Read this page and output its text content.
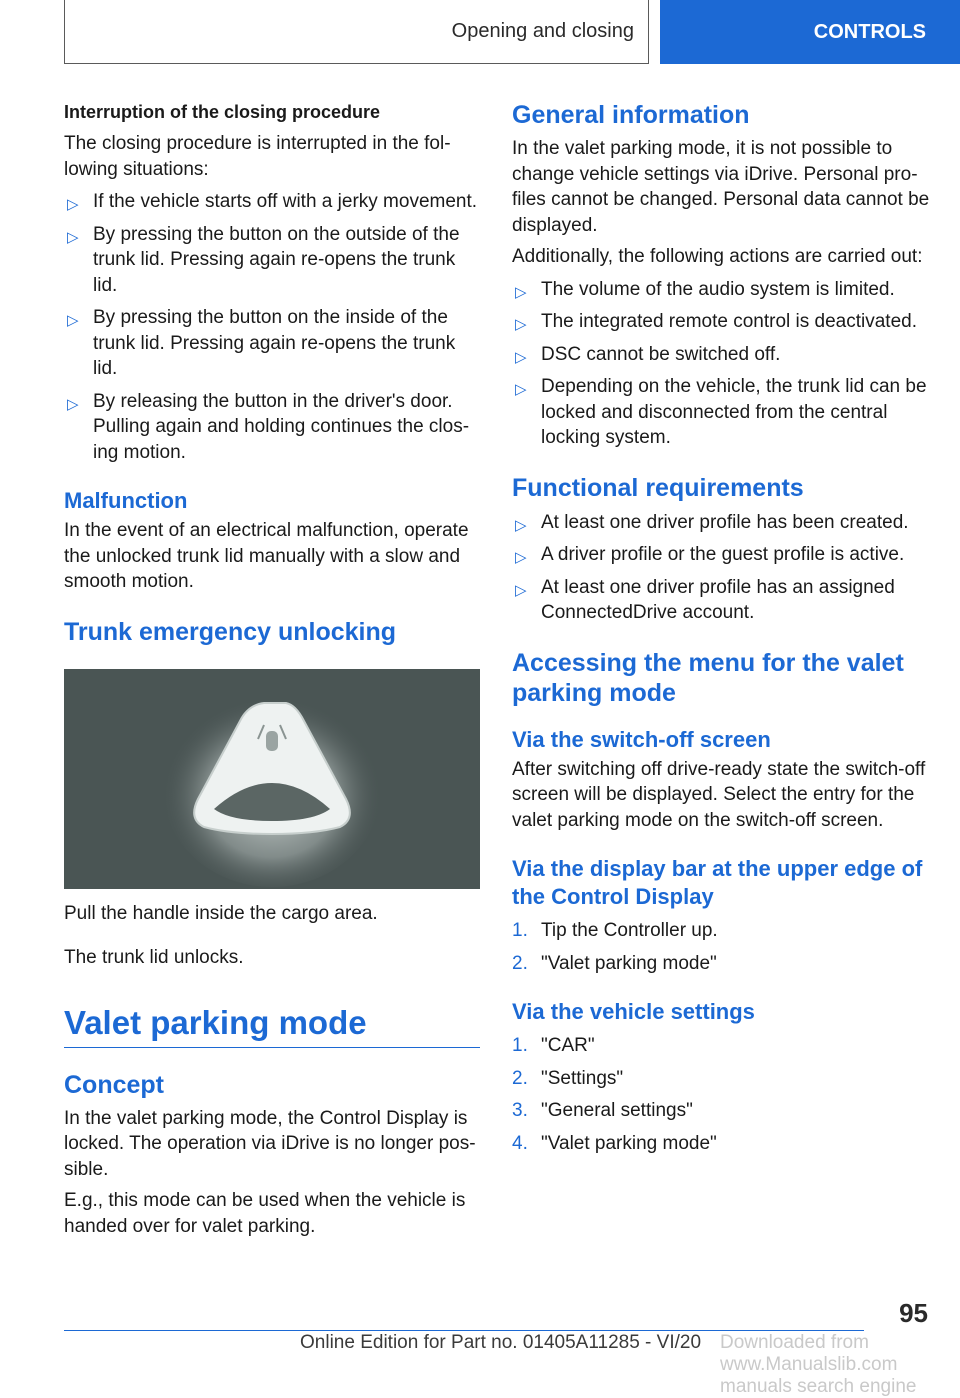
Opening and closing	CONTROLS

Interruption of the closing procedure

The closing procedure is interrupted in the fol‐lowing situations:

▷ If the vehicle starts off with a jerky movement.
▷ By pressing the button on the outside of the trunk lid. Pressing again re-opens the trunk lid.
▷ By pressing the button on the inside of the trunk lid. Pressing again re-opens the trunk lid.
▷ By releasing the button in the driver's door. Pulling again and holding continues the clos‐ing motion.
Malfunction

In the event of an electrical malfunction, operate the unlocked trunk lid manually with a slow and smooth motion.

Trunk emergency unlocking

Pull the handle inside the cargo area.

The trunk lid unlocks.

Valet parking mode
Concept

In the valet parking mode, the Control Display is locked. The operation via iDrive is no longer pos‐sible.

E.g., this mode can be used when the vehicle is handed over for valet parking.

General information

In the valet parking mode, it is not possible to change vehicle settings via iDrive. Personal pro‐files cannot be changed. Personal data cannot be displayed.

Additionally, the following actions are carried out:

▷ The volume of the audio system is limited.
▷ The integrated remote control is deactivated.
▷ DSC cannot be switched off.
▷ Depending on the vehicle, the trunk lid can be locked and disconnected from the central locking system.
Functional requirements
▷ At least one driver profile has been created.
▷ A driver profile or the guest profile is active.
▷ At least one driver profile has an assigned ConnectedDrive account.
Accessing the menu for the valet parking mode
Via the switch‑off screen

After switching off drive-ready state the switch-off screen will be displayed. Select the entry for the valet parking mode on the switch-off screen.

Via the display bar at the upper edge of the Control Display
1. Tip the Controller up.
2. "Valet parking mode"
Via the vehicle settings
1. "CAR"
2. "Settings"
3. "General settings"
4. "Valet parking mode"
95
Online Edition for Part no. 01405A11285 - VI/20 Downloaded from www.Manualslib.com manuals search engine
